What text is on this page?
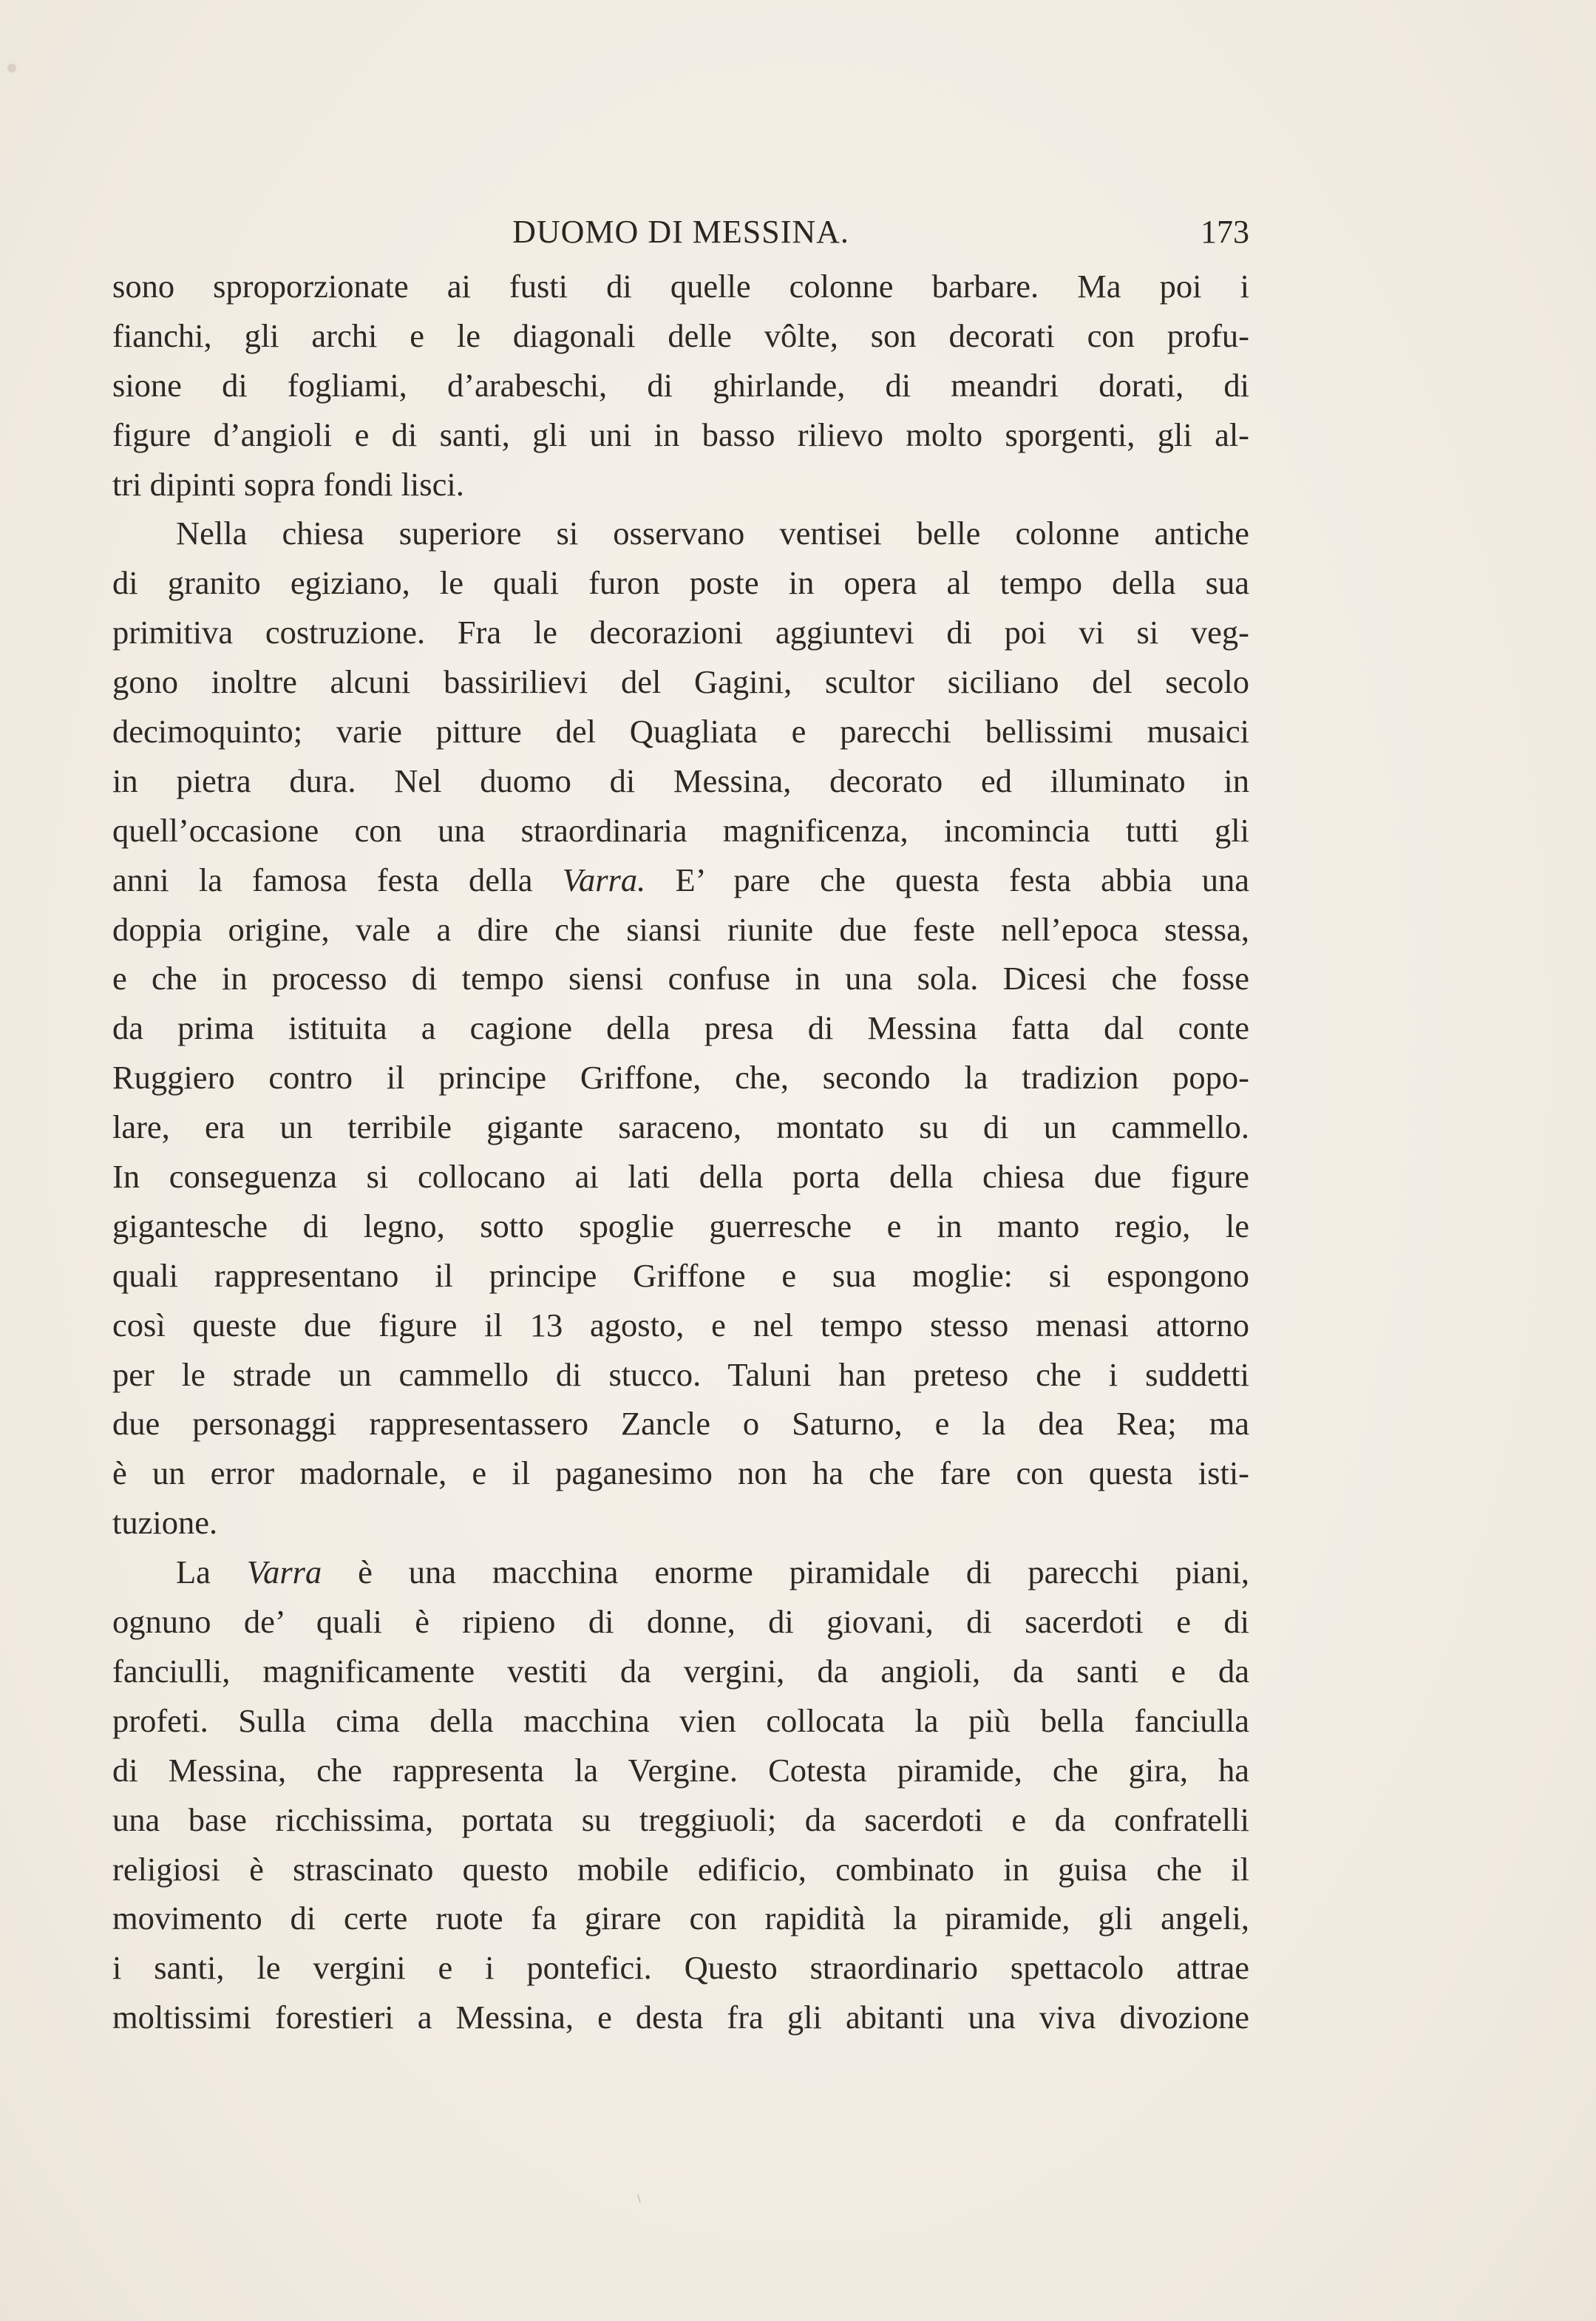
DUOMO DI MESSINA.	173
sono sproporzionate ai fusti di quelle colonne barbare. Ma poi i
fianchi, gli archi e le diagonali delle vôlte, son decorati con profu-
sione di fogliami, d’arabeschi, di ghirlande, di meandri dorati, di
figure d’angioli e di santi, gli uni in basso rilievo molto sporgenti, gli al-
tri dipinti sopra fondi lisci.
Nella chiesa superiore si osservano ventisei belle colonne antiche
di granito egiziano, le quali furon poste in opera al tempo della sua
primitiva costruzione. Fra le decorazioni aggiuntevi di poi vi si veg-
gono inoltre alcuni bassirilievi del Gagini, scultor siciliano del secolo
decimoquinto; varie pitture del Quagliata e parecchi bellissimi musaici
in pietra dura. Nel duomo di Messina, decorato ed illuminato in
quell’occasione con una straordinaria magnificenza, incomincia tutti gli
anni la famosa festa della Varra. E’ pare che questa festa abbia una
doppia origine, vale a dire che siansi riunite due feste nell’epoca stessa,
e che in processo di tempo siensi confuse in una sola. Dicesi che fosse
da prima istituita a cagione della presa di Messina fatta dal conte
Ruggiero contro il principe Griffone, che, secondo la tradizion popo-
lare, era un terribile gigante saraceno, montato su di un cammello.
In conseguenza si collocano ai lati della porta della chiesa due figure
gigantesche di legno, sotto spoglie guerresche e in manto regio, le
quali rappresentano il principe Griffone e sua moglie: si espongono
così queste due figure il 13 agosto, e nel tempo stesso menasi attorno
per le strade un cammello di stucco. Taluni han preteso che i suddetti
due personaggi rappresentassero Zancle o Saturno, e la dea Rea; ma
è un error madornale, e il paganesimo non ha che fare con questa isti-
tuzione.
La Varra è una macchina enorme piramidale di parecchi piani,
ognuno de’ quali è ripieno di donne, di giovani, di sacerdoti e di
fanciulli, magnificamente vestiti da vergini, da angioli, da santi e da
profeti. Sulla cima della macchina vien collocata la più bella fanciulla
di Messina, che rappresenta la Vergine. Cotesta piramide, che gira, ha
una base ricchissima, portata su treggiuoli; da sacerdoti e da confratelli
religiosi è strascinato questo mobile edificio, combinato in guisa che il
movimento di certe ruote fa girare con rapidità la piramide, gli angeli,
i santi, le vergini e i pontefici. Questo straordinario spettacolo attrae
moltissimi forestieri a Messina, e desta fra gli abitanti una viva divozione
\
